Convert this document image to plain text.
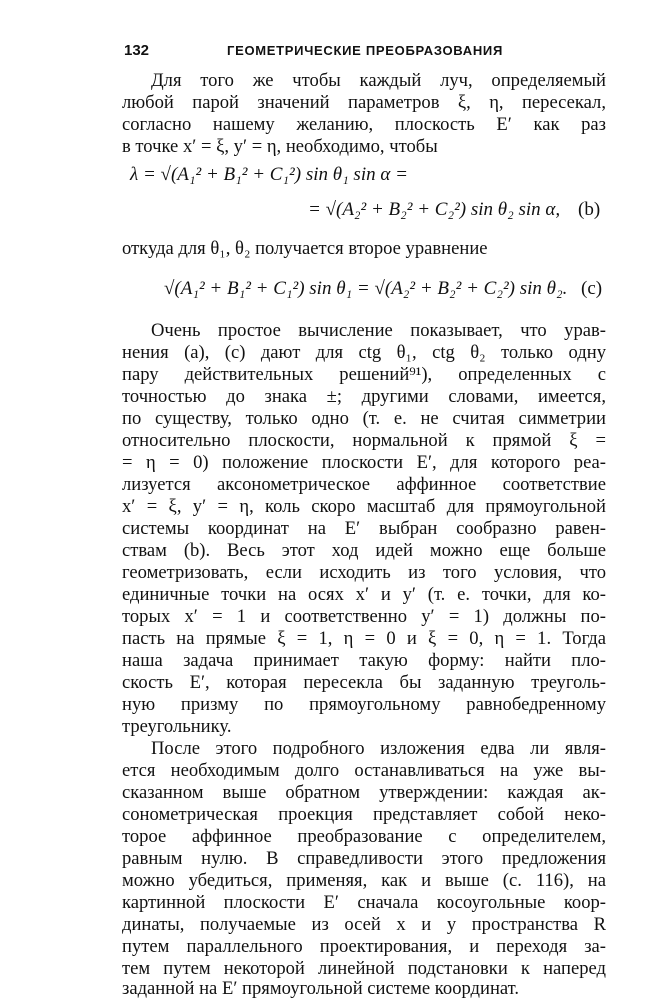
132	ГЕОМЕТРИЧЕСКИЕ ПРЕОБРАЗОВАНИЯ
Для того же чтобы каждый луч, определяемый
любой парой значений параметров ξ, η, пересекал,
согласно нашему желанию, плоскость E′ как раз
в точке x′ = ξ, y′ = η, необходимо, чтобы
λ = √(A₁² + B₁² + C₁²) sin θ₁ sin α =
= √(A₂² + B₂² + C₂²) sin θ₂ sin α, (b)
откуда для θ₁, θ₂ получается второе уравнение
√(A₁² + B₁² + C₁²) sin θ₁ = √(A₂² + B₂² + C₂²) sin θ₂. (c)
Очень простое вычисление показывает, что урав-
нения (a), (c) дают для ctg θ₁, ctg θ₂ только одну
пару действительных решений⁹¹), определенных с
точностью до знака ±; другими словами, имеется,
по существу, только одно (т. е. не считая симметрии
относительно плоскости, нормальной к прямой ξ =
= η = 0) положение плоскости E′, для которого реа-
лизуется аксонометрическое аффинное соответствие
x′ = ξ, y′ = η, коль скоро масштаб для прямоугольной
системы координат на E′ выбран сообразно равен-
ствам (b). Весь этот ход идей можно еще больше
геометризовать, если исходить из того условия, что
единичные точки на осях x′ и y′ (т. е. точки, для ко-
торых x′ = 1 и соответственно y′ = 1) должны по-
пасть на прямые ξ = 1, η = 0 и ξ = 0, η = 1. Тогда
наша задача принимает такую форму: найти пло-
скость E′, которая пересекла бы заданную треуголь-
ную призму по прямоугольному равнобедренному
треугольнику.
После этого подробного изложения едва ли явля-
ется необходимым долго останавливаться на уже вы-
сказанном выше обратном утверждении: каждая ак-
сонометрическая проекция представляет собой неко-
торое аффинное преобразование с определителем,
равным нулю. В справедливости этого предложения
можно убедиться, применяя, как и выше (с. 116), на
картинной плоскости E′ сначала косоугольные коор-
динаты, получаемые из осей x и y пространства R
путем параллельного проектирования, и переходя за-
тем путем некоторой линейной подстановки к наперед
заданной на E′ прямоугольной системе координат.
